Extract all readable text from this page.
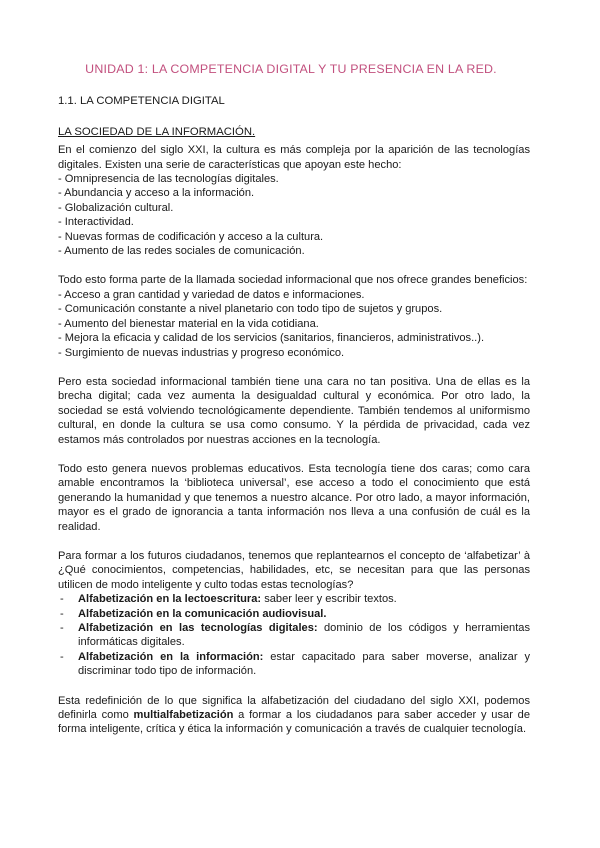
UNIDAD 1: LA COMPETENCIA DIGITAL Y TU PRESENCIA EN LA RED.
1.1. LA COMPETENCIA DIGITAL
LA SOCIEDAD DE LA INFORMACIÓN.

En el comienzo del siglo XXI, la cultura es más compleja por la aparición de las tecnologías digitales. Existen una serie de características que apoyan este hecho:

- Omnipresencia de las tecnologías digitales.
- Abundancia y acceso a la información.
- Globalización cultural.
- Interactividad.
- Nuevas formas de codificación y acceso a la cultura.
- Aumento de las redes sociales de comunicación.

Todo esto forma parte de la llamada sociedad informacional que nos ofrece grandes beneficios:

- Acceso a gran cantidad y variedad de datos e informaciones.
- Comunicación constante a nivel planetario con todo tipo de sujetos y grupos.
- Aumento del bienestar material en la vida cotidiana.
- Mejora la eficacia y calidad de los servicios (sanitarios, financieros, administrativos..).
- Surgimiento de nuevas industrias y progreso económico.

Pero esta sociedad informacional también tiene una cara no tan positiva. Una de ellas es la brecha digital; cada vez aumenta la desigualdad cultural y económica. Por otro lado, la sociedad se está volviendo tecnológicamente dependiente. También tendemos al uniformismo cultural, en donde la cultura se usa como consumo. Y la pérdida de privacidad, cada vez estamos más controlados por nuestras acciones en la tecnología.

Todo esto genera nuevos problemas educativos. Esta tecnología tiene dos caras; como cara amable encontramos la ‘biblioteca universal’, ese acceso a todo el conocimiento que está generando la humanidad y que tenemos a nuestro alcance. Por otro lado, a mayor información, mayor es el grado de ignorancia a tanta información nos lleva a una confusión de cuál es la realidad.

Para formar a los futuros ciudadanos, tenemos que replantearnos el concepto de ‘alfabetizar’ à ¿Qué conocimientos, competencias, habilidades, etc, se necesitan para que las personas utilicen de modo inteligente y culto todas estas tecnologías?

- Alfabetización en la lectoescritura: saber leer y escribir textos.
- Alfabetización en la comunicación audiovisual.
- Alfabetización en las tecnologías digitales: dominio de los códigos y herramientas informáticas digitales.
- Alfabetización en la información: estar capacitado para saber moverse, analizar y discriminar todo tipo de información.

Esta redefinición de lo que significa la alfabetización del ciudadano del siglo XXI, podemos definirla como multialfabetización a formar a los ciudadanos para saber acceder y usar de forma inteligente, crítica y ética la información y comunicación a través de cualquier tecnología.
